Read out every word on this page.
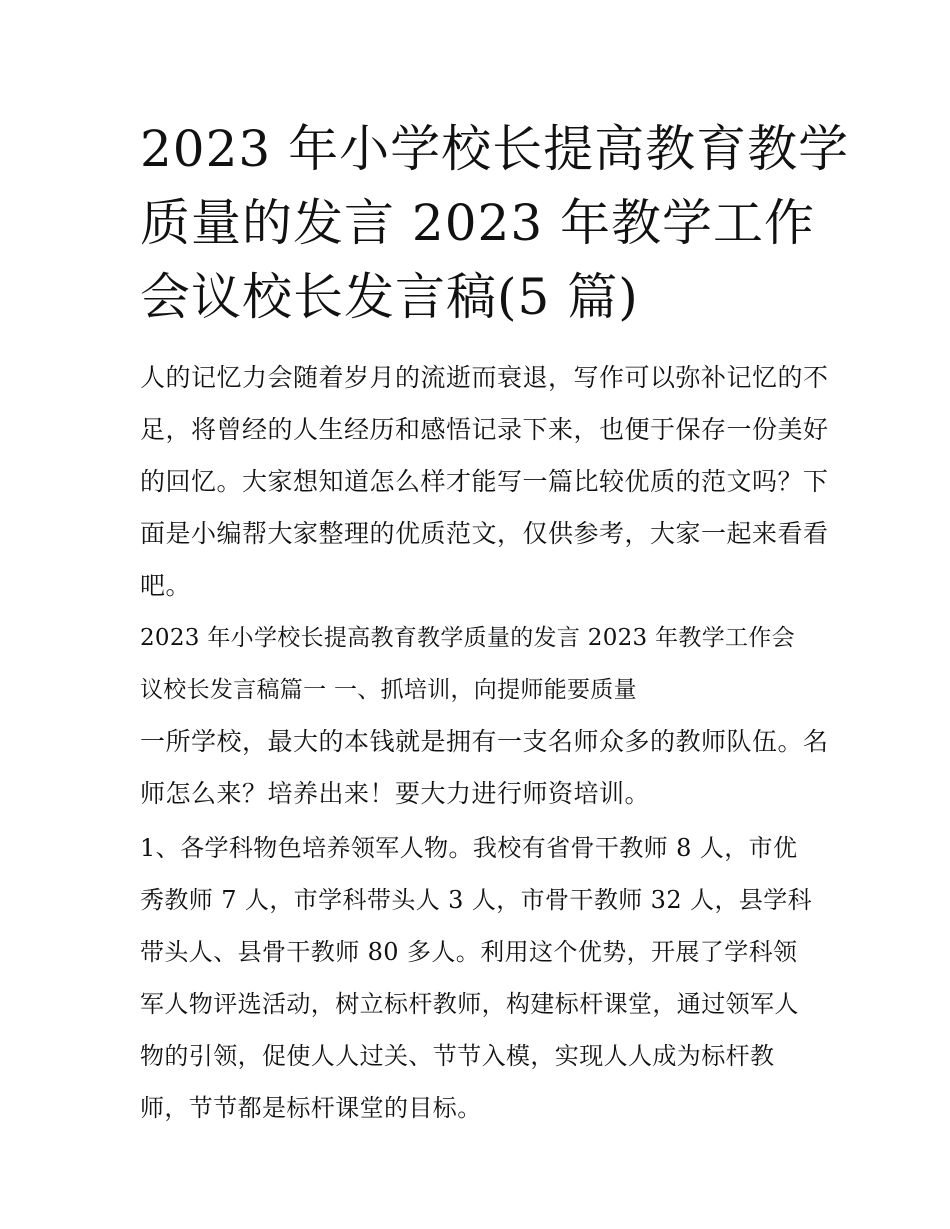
2023 年小学校长提高教育教学
质量的发言 2023 年教学工作
会议校长发言稿(5 篇)
人的记忆力会随着岁月的流逝而衰退，写作可以弥补记忆的不
足，将曾经的人生经历和感悟记录下来，也便于保存一份美好
的回忆。大家想知道怎么样才能写一篇比较优质的范文吗？下
面是小编帮大家整理的优质范文，仅供参考，大家一起来看看
吧。
2023 年小学校长提高教育教学质量的发言 2023 年教学工作会
议校长发言稿篇一 一、抓培训，向提师能要质量
一所学校，最大的本钱就是拥有一支名师众多的教师队伍。名
师怎么来？培养出来！要大力进行师资培训。
1、各学科物色培养领军人物。我校有省骨干教师 8 人，市优
秀教师 7 人，市学科带头人 3 人，市骨干教师 32 人，县学科
带头人、县骨干教师 80 多人。利用这个优势，开展了学科领
军人物评选活动，树立标杆教师，构建标杆课堂，通过领军人
物的引领，促使人人过关、节节入模，实现人人成为标杆教
师，节节都是标杆课堂的目标。
